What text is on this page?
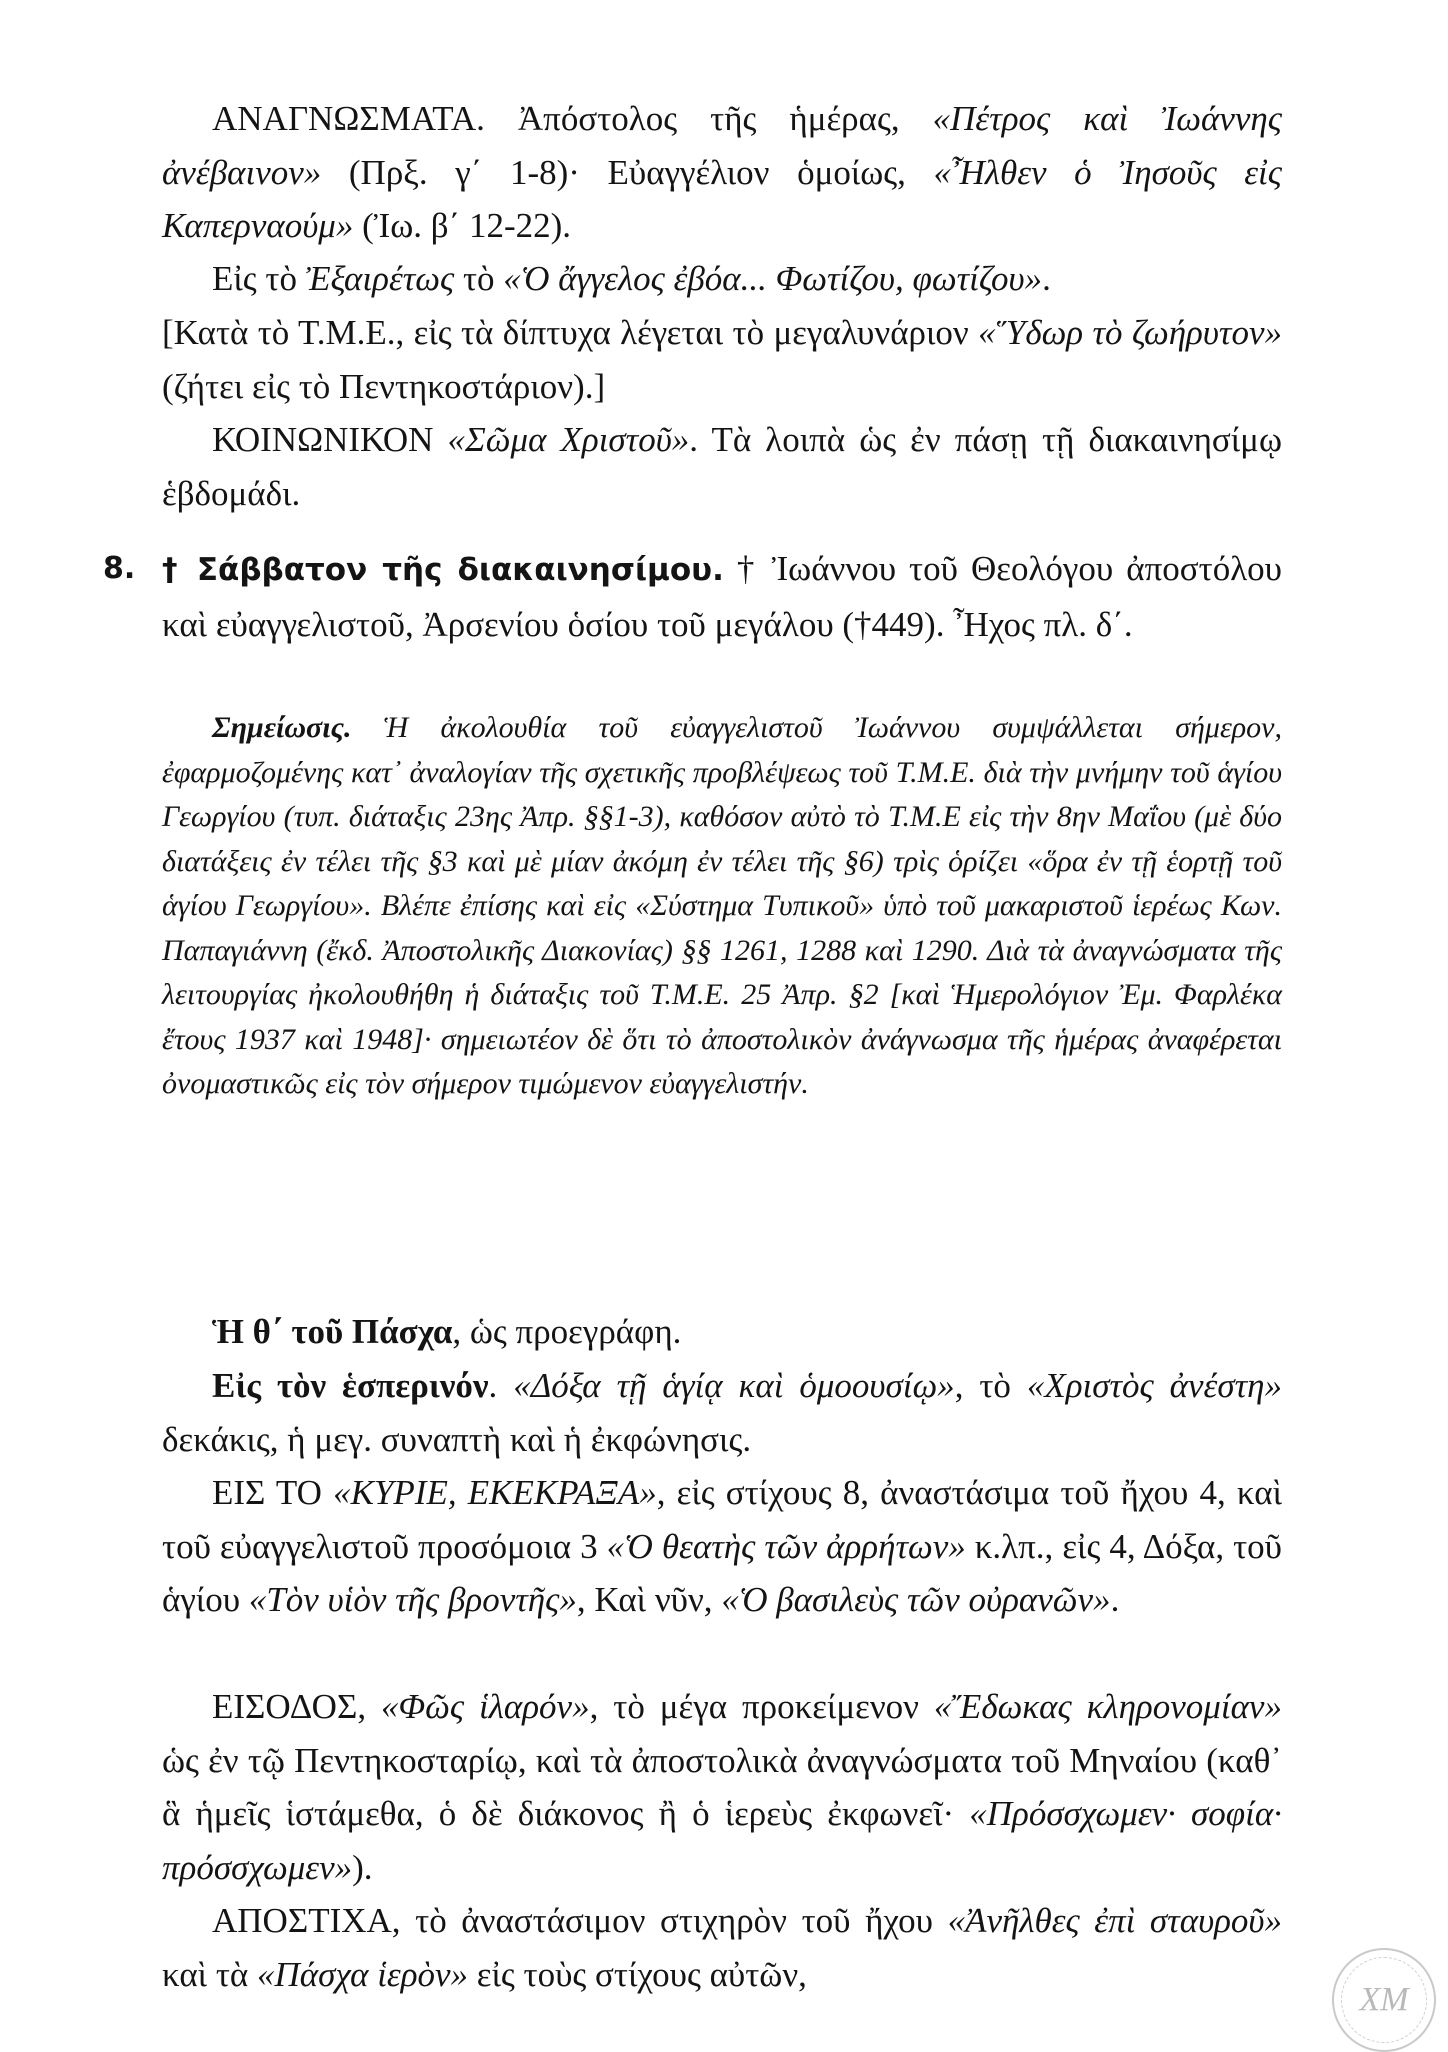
ΑΝΑΓΝΩΣΜΑΤΑ. Ἀπόστολος τῆς ἡμέρας, «Πέτρος καὶ Ἰωάννης ἀνέβαινον» (Πρξ. γ΄ 1-8)· Εὐαγγέλιον ὁμοίως, «Ἦλθεν ὁ Ἰησοῦς εἰς Καπερναούμ» (Ἰω. β΄ 12-22).

Εἰς τὸ Ἐξαιρέτως τὸ «Ὁ ἄγγελος ἐβόα... Φωτίζου, φωτίζου».

[Κατὰ τὸ Τ.Μ.Ε., εἰς τὰ δίπτυχα λέγεται τὸ μεγαλυνάριον «Ὕδωρ τὸ ζωήρυτον» (ζήτει εἰς τὸ Πεντηκοστάριον).]

ΚΟΙΝΩΝΙΚΟΝ «Σῶμα Χριστοῦ». Τὰ λοιπὰ ὡς ἐν πάσῃ τῇ διακαινησίμῳ ἑβδομάδι.

8. † Σάββατον τῆς διακαινησίμου. † Ἰωάννου τοῦ Θεολόγου ἀποστόλου καὶ εὐαγγελιστοῦ, Ἀρσενίου ὁσίου τοῦ μεγάλου (†449). Ἦχος πλ. δ΄.

Σημείωσις. Ἡ ἀκολουθία τοῦ εὐαγγελιστοῦ Ἰωάννου συμψάλλεται σήμερον, ἐφαρμοζομένης κατ᾿ ἀναλογίαν τῆς σχετικῆς προβλέψεως τοῦ Τ.Μ.Ε. διὰ τὴν μνήμην τοῦ ἁγίου Γεωργίου (τυπ. διάταξις 23ης Ἀπρ. §§1-3), καθόσον αὐτὸ τὸ Τ.Μ.Ε εἰς τὴν 8ην Μαΐου (μὲ δύο διατάξεις ἐν τέλει τῆς §3 καὶ μὲ μίαν ἀκόμη ἐν τέλει τῆς §6) τρὶς ὁρίζει «ὅρα ἐν τῇ ἑορτῇ τοῦ ἁγίου Γεωργίου». Βλέπε ἐπίσης καὶ εἰς «Σύστημα Τυπικοῦ» ὑπὸ τοῦ μακαριστοῦ ἱερέως Κων. Παπαγιάννη (ἔκδ. Ἀποστολικῆς Διακονίας) §§ 1261, 1288 καὶ 1290. Διὰ τὰ ἀναγνώσματα τῆς λειτουργίας ἠκολουθήθη ἡ διάταξις τοῦ Τ.Μ.Ε. 25 Ἀπρ. §2 [καὶ Ἡμερολόγιον Ἐμ. Φαρλέκα ἔτους 1937 καὶ 1948]· σημειωτέον δὲ ὅτι τὸ ἀποστολικὸν ἀνάγνωσμα τῆς ἡμέρας ἀναφέρεται ὀνομαστικῶς εἰς τὸν σήμερον τιμώμενον εὐαγγελιστήν.

Ἡ θ΄ τοῦ Πάσχα, ὡς προεγράφη.

Εἰς τὸν ἑσπερινόν. «Δόξα τῇ ἁγίᾳ καὶ ὁμοουσίῳ», τὸ «Χριστὸς ἀνέστη» δεκάκις, ἡ μεγ. συναπτὴ καὶ ἡ ἐκφώνησις.

ΕΙΣ ΤΟ «ΚΥΡΙΕ, ΕΚΕΚΡΑΞΑ», εἰς στίχους 8, ἀναστάσιμα τοῦ ἤχου 4, καὶ τοῦ εὐαγγελιστοῦ προσόμοια 3 «Ὁ θεατὴς τῶν ἀρρήτων» κ.λπ., εἰς 4, Δόξα, τοῦ ἁγίου «Τὸν υἱὸν τῆς βροντῆς», Καὶ νῦν, «Ὁ βασιλεὺς τῶν οὐρανῶν».

ΕΙΣΟΔΟΣ, «Φῶς ἱλαρόν», τὸ μέγα προκείμενον «Ἔδωκας κληρονομίαν» ὡς ἐν τῷ Πεντηκοσταρίῳ, καὶ τὰ ἀποστολικὰ ἀναγνώσματα τοῦ Μηναίου (καθ᾿ ἃ ἡμεῖς ἱστάμεθα, ὁ δὲ διάκονος ἢ ὁ ἱερεὺς ἐκφωνεῖ· «Πρόσσχωμεν· σοφία· πρόσσχωμεν»).

ΑΠΟΣΤΙΧΑ, τὸ ἀναστάσιμον στιχηρὸν τοῦ ἤχου «Ἀνῆλθες ἐπὶ σταυροῦ» καὶ τὰ «Πάσχα ἱερὸν» εἰς τοὺς στίχους αὐτῶν,

ΧΜ
